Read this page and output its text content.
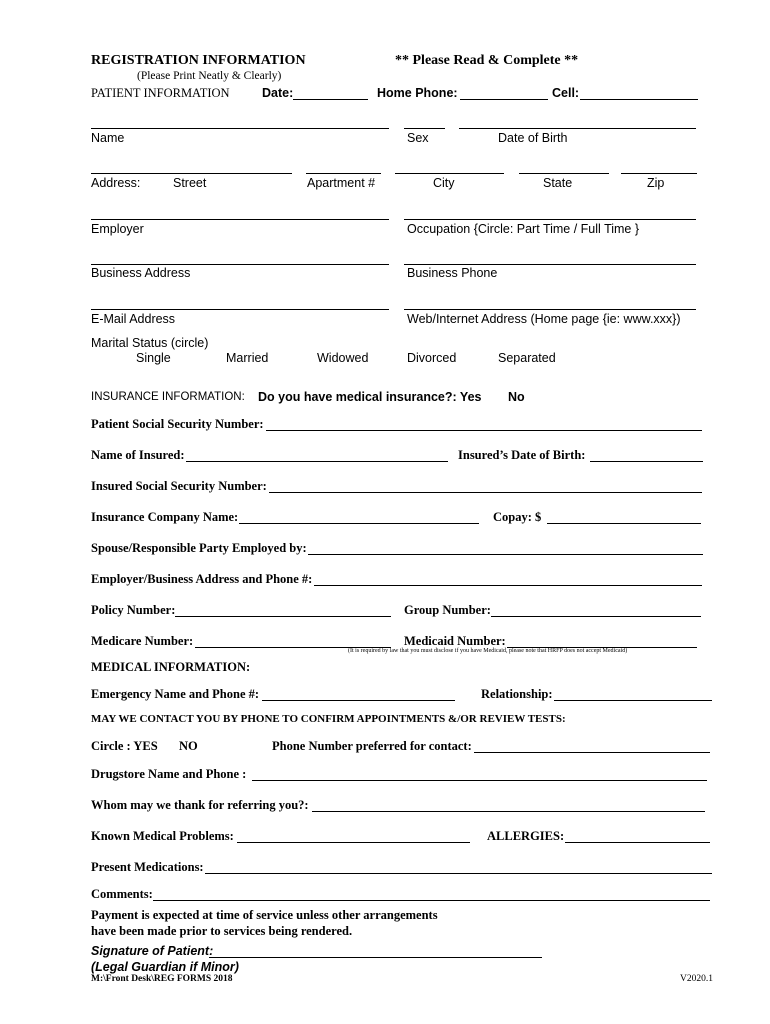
REGISTRATION INFORMATION	** Please Read & Complete **
(Please Print Neatly & Clearly)
PATIENT INFORMATION	Date:	Home Phone:	Cell:
Name	Sex	Date of Birth
Address:	Street	Apartment #	City	State	Zip
Employer	Occupation {Circle: Part Time / Full Time }
Business Address	Business Phone
E-Mail Address	Web/Internet Address (Home page {ie: www.xxx})
Marital Status (circle)
Single	Married	Widowed	Divorced	Separated
INSURANCE INFORMATION: Do you have medical insurance?: Yes No
Patient Social Security Number:
Name of Insured:	Insured’s Date of Birth:
Insured Social Security Number:
Insurance Company Name:	Copay: $
Spouse/Responsible Party Employed by:
Employer/Business Address and Phone #:
Policy Number:	Group Number:
Medicare Number:	Medicaid Number:
(It is required by law that you must disclose if you have Medicaid, please note that HRFP does not accept Medicaid)
MEDICAL INFORMATION:
Emergency Name and Phone #:	Relationship:
MAY WE CONTACT YOU BY PHONE TO CONFIRM APPOINTMENTS &/OR REVIEW TESTS:
Circle : YES NO	Phone Number preferred for contact:
Drugstore Name and Phone :
Whom may we thank for referring you?:
Known Medical Problems:	ALLERGIES:
Present Medications:
Comments:
Payment is expected at time of service unless other arrangements
have been made prior to services being rendered.
Signature of Patient:
(Legal Guardian if Minor)
M:\Front Desk\REG FORMS 2018	V2020.1
